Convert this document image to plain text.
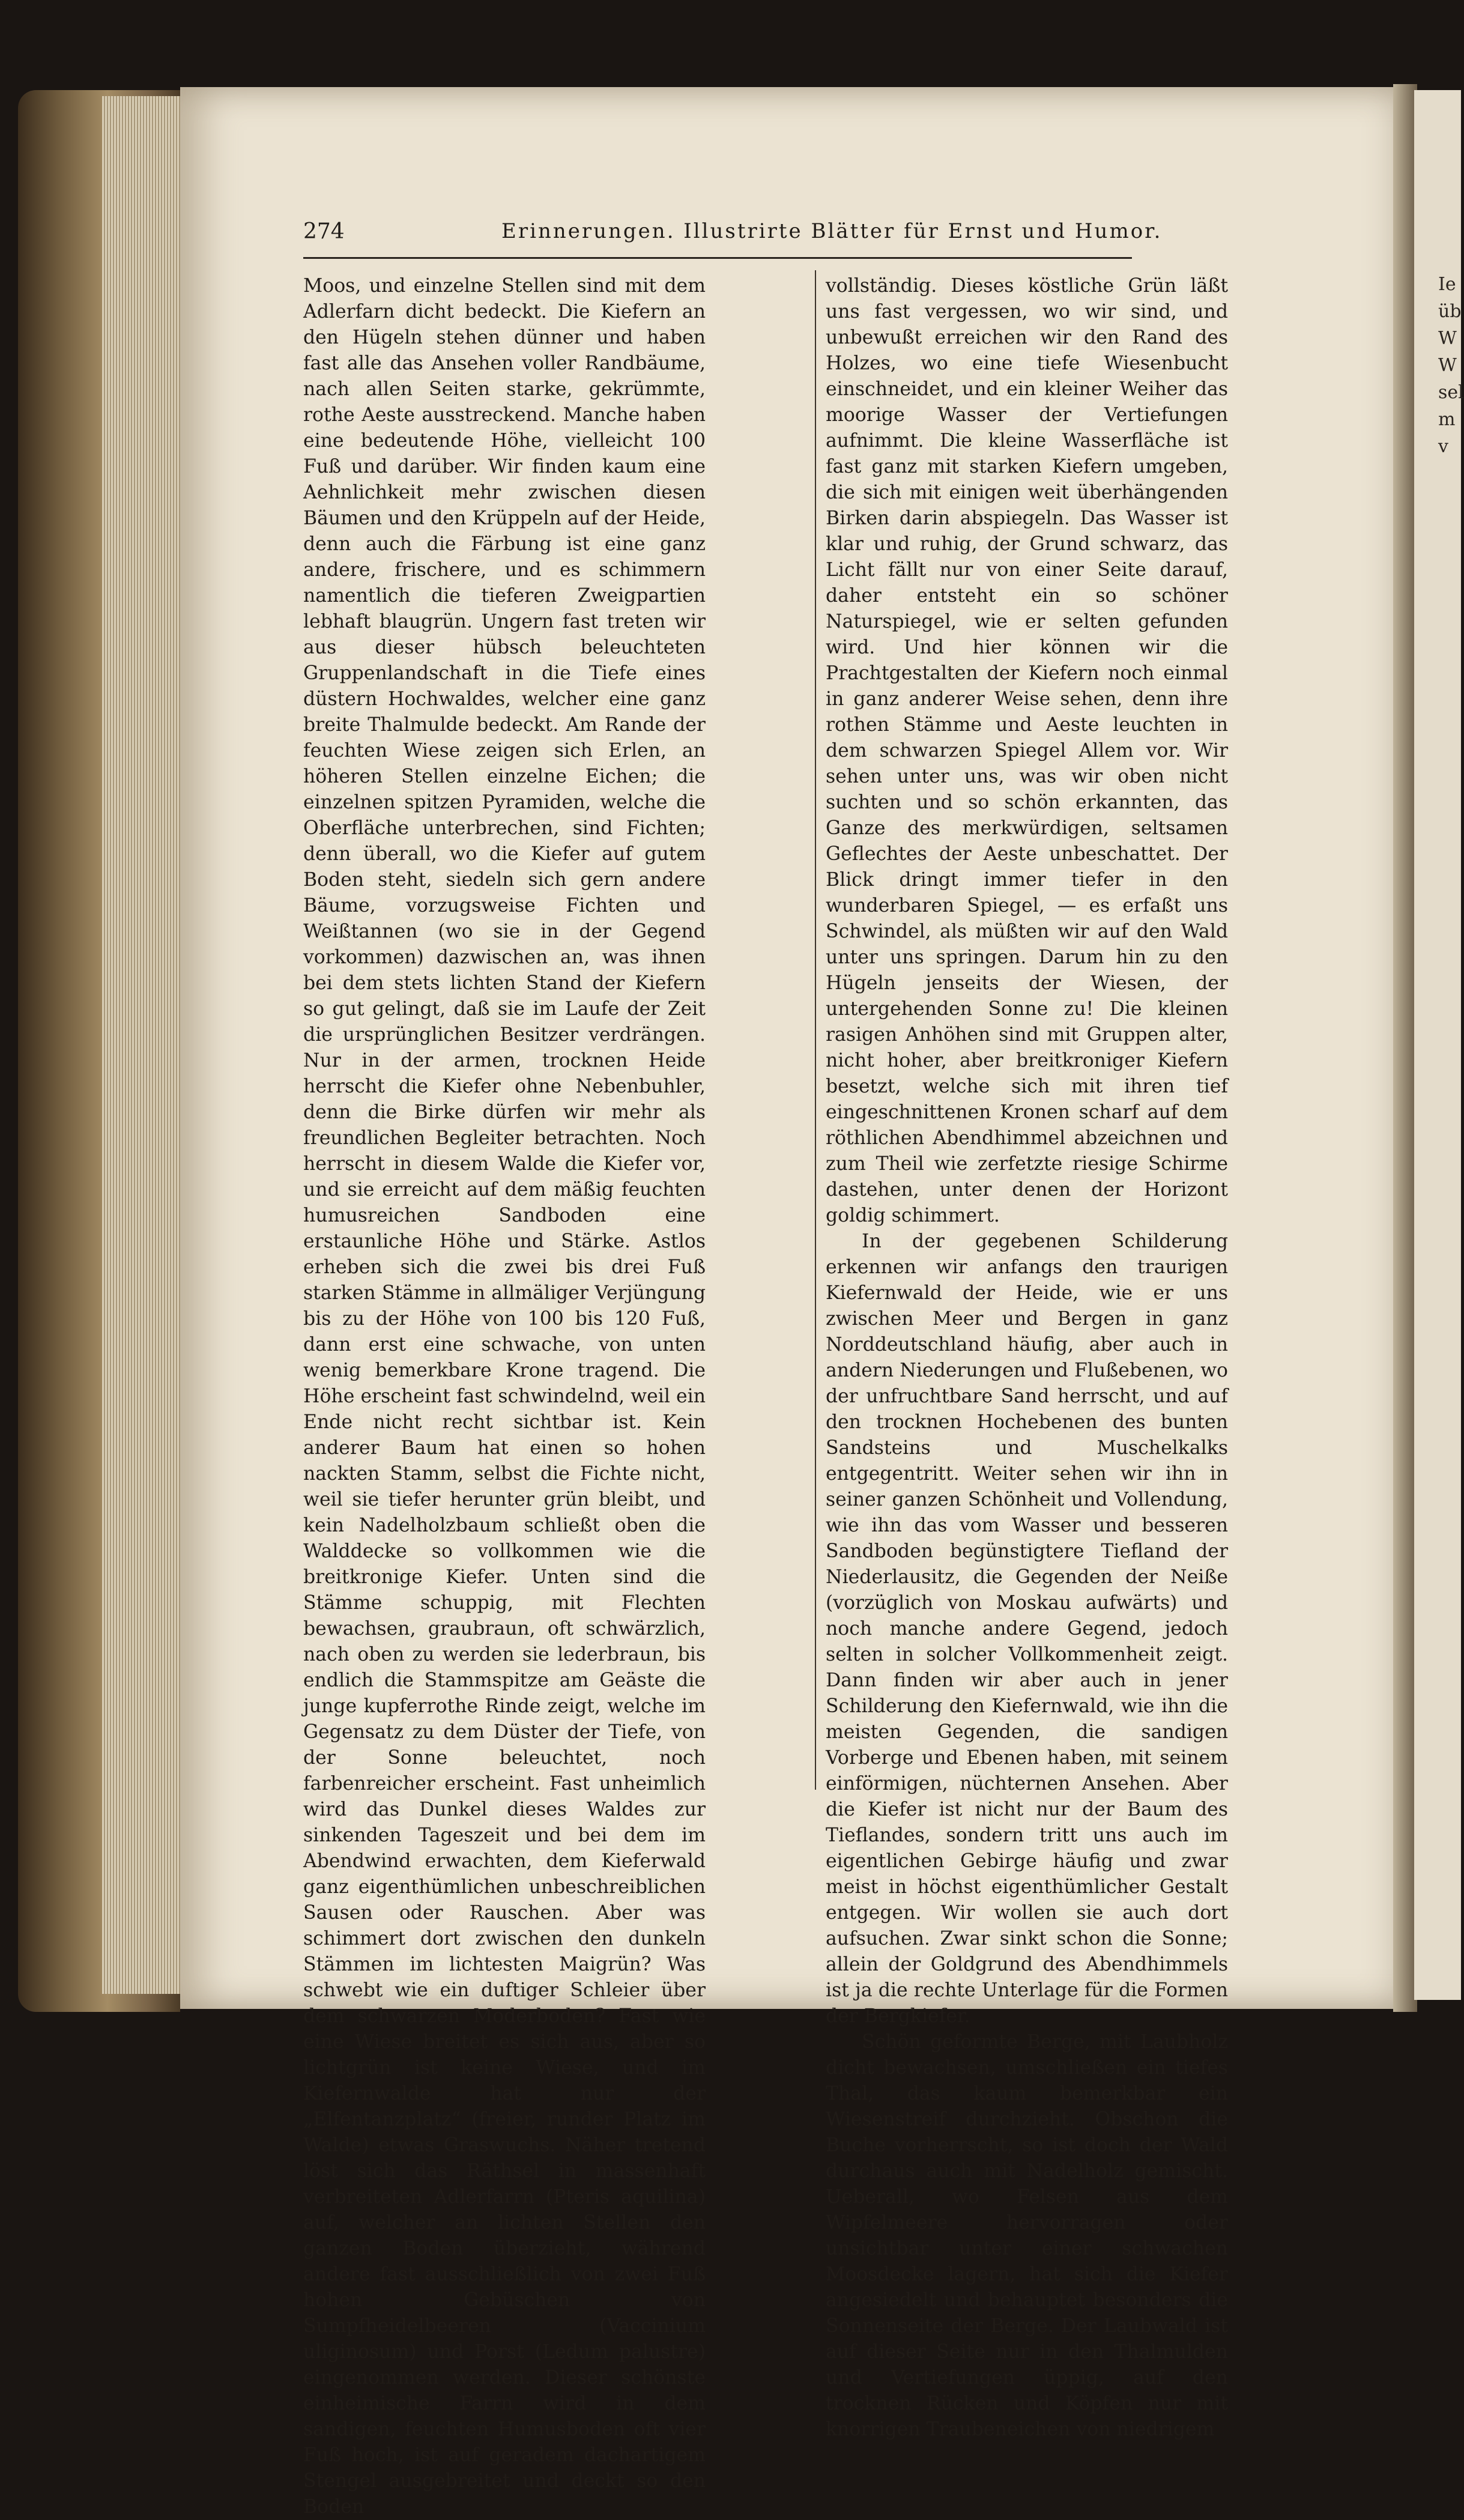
Ie
üb
W
W
sel
m
v
274	Erinnerungen. Illustrirte Blätter für Ernst und Humor.

Moos, und einzelne Stellen sind mit dem Adlerfarn dicht bedeckt. Die Kiefern an den Hügeln stehen dünner und haben fast alle das Ansehen voller Randbäume, nach allen Seiten starke, gekrümmte, rothe Aeste ausstreckend. Manche haben eine bedeutende Höhe, vielleicht 100 Fuß und darüber. Wir finden kaum eine Aehnlichkeit mehr zwischen diesen Bäumen und den Krüppeln auf der Heide, denn auch die Färbung ist eine ganz andere, frischere, und es schimmern namentlich die tieferen Zweigpartien lebhaft blaugrün. Ungern fast treten wir aus dieser hübsch beleuchteten Gruppenlandschaft in die Tiefe eines düstern Hochwaldes, welcher eine ganz breite Thalmulde bedeckt. Am Rande der feuchten Wiese zeigen sich Erlen, an höheren Stellen einzelne Eichen; die einzelnen spitzen Pyramiden, welche die Oberfläche unterbrechen, sind Fichten; denn überall, wo die Kiefer auf gutem Boden steht, siedeln sich gern andere Bäume, vorzugsweise Fichten und Weißtannen (wo sie in der Gegend vorkommen) dazwischen an, was ihnen bei dem stets lichten Stand der Kiefern so gut gelingt, daß sie im Laufe der Zeit die ursprünglichen Besitzer verdrängen. Nur in der armen, trocknen Heide herrscht die Kiefer ohne Nebenbuhler, denn die Birke dürfen wir mehr als freundlichen Begleiter betrachten. Noch herrscht in diesem Walde die Kiefer vor, und sie erreicht auf dem mäßig feuchten humusreichen Sandboden eine erstaunliche Höhe und Stärke. Astlos erheben sich die zwei bis drei Fuß starken Stämme in allmäliger Verjüngung bis zu der Höhe von 100 bis 120 Fuß, dann erst eine schwache, von unten wenig bemerkbare Krone tragend. Die Höhe erscheint fast schwindelnd, weil ein Ende nicht recht sichtbar ist. Kein anderer Baum hat einen so hohen nackten Stamm, selbst die Fichte nicht, weil sie tiefer herunter grün bleibt, und kein Nadelholzbaum schließt oben die Walddecke so vollkommen wie die breitkronige Kiefer. Unten sind die Stämme schuppig, mit Flechten bewachsen, graubraun, oft schwärzlich, nach oben zu werden sie lederbraun, bis endlich die Stammspitze am Geäste die junge kupferrothe Rinde zeigt, welche im Gegensatz zu dem Düster der Tiefe, von der Sonne beleuchtet, noch farbenreicher erscheint. Fast unheimlich wird das Dunkel dieses Waldes zur sinkenden Tageszeit und bei dem im Abendwind erwachten, dem Kieferwald ganz eigenthümlichen unbeschreiblichen Sausen oder Rauschen. Aber was schimmert dort zwischen den dunkeln Stämmen im lichtesten Maigrün? Was schwebt wie ein duftiger Schleier über dem schwarzen Moderboden? Fast wie eine Wiese breitet es sich aus, aber so lichtgrün ist keine Wiese, und im Kiefernwalde hat nur der „Elfentanzplatz“ (freier, runder Platz im Walde) etwas Graswuchs. Näher tretend löst sich das Räthsel in massenhaft verbreiteten Adlerfarrn (Pteris aquilina) auf, welcher an lichten Stellen den ganzen Boden überzieht, während andere fast ausschließlich von zwei Fuß hohen Gebüschen von Sumpfheidelbeeren (Vaccinium uliginosum) und Porst (Ledum palustre) eingenommen werden. Dieser schönste einheimische Farrn wird in dem sandigen, feuchten Humusboden oft vier Fuß hoch, ist auf geradem dachartigem Stengel ausgebreitet und deckt so den Boden

vollständig. Dieses köstliche Grün läßt uns fast vergessen, wo wir sind, und unbewußt erreichen wir den Rand des Holzes, wo eine tiefe Wiesenbucht einschneidet, und ein kleiner Weiher das moorige Wasser der Vertiefungen aufnimmt. Die kleine Wasserfläche ist fast ganz mit starken Kiefern umgeben, die sich mit einigen weit überhängenden Birken darin abspiegeln. Das Wasser ist klar und ruhig, der Grund schwarz, das Licht fällt nur von einer Seite darauf, daher entsteht ein so schöner Naturspiegel, wie er selten gefunden wird. Und hier können wir die Prachtgestalten der Kiefern noch einmal in ganz anderer Weise sehen, denn ihre rothen Stämme und Aeste leuchten in dem schwarzen Spiegel Allem vor. Wir sehen unter uns, was wir oben nicht suchten und so schön erkannten, das Ganze des merkwürdigen, seltsamen Geflechtes der Aeste unbeschattet. Der Blick dringt immer tiefer in den wunderbaren Spiegel, — es erfaßt uns Schwindel, als müßten wir auf den Wald unter uns springen. Darum hin zu den Hügeln jenseits der Wiesen, der untergehenden Sonne zu! Die kleinen rasigen Anhöhen sind mit Gruppen alter, nicht hoher, aber breitkroniger Kiefern besetzt, welche sich mit ihren tief eingeschnittenen Kronen scharf auf dem röthlichen Abendhimmel abzeichnen und zum Theil wie zerfetzte riesige Schirme dastehen, unter denen der Horizont goldig schimmert.

In der gegebenen Schilderung erkennen wir anfangs den traurigen Kiefernwald der Heide, wie er uns zwischen Meer und Bergen in ganz Norddeutschland häufig, aber auch in andern Niederungen und Flußebenen, wo der unfruchtbare Sand herrscht, und auf den trocknen Hochebenen des bunten Sandsteins und Muschelkalks entgegentritt. Weiter sehen wir ihn in seiner ganzen Schönheit und Vollendung, wie ihn das vom Wasser und besseren Sandboden begünstigtere Tiefland der Niederlausitz, die Gegenden der Neiße (vorzüglich von Moskau aufwärts) und noch manche andere Gegend, jedoch selten in solcher Vollkommenheit zeigt. Dann finden wir aber auch in jener Schilderung den Kiefernwald, wie ihn die meisten Gegenden, die sandigen Vorberge und Ebenen haben, mit seinem einförmigen, nüchternen Ansehen. Aber die Kiefer ist nicht nur der Baum des Tieflandes, sondern tritt uns auch im eigentlichen Gebirge häufig und zwar meist in höchst eigenthümlicher Gestalt entgegen. Wir wollen sie auch dort aufsuchen. Zwar sinkt schon die Sonne; allein der Goldgrund des Abendhimmels ist ja die rechte Unterlage für die Formen der Bergkiefer.

Schön geformte Berge, mit Laubholz dicht bewachsen, umschließen ein tiefes Thal, das kaum bemerkbar ein Wiesenstreif durchzieht. Obschon die Buche vorherrscht, so ist doch der Wald durchaus auch mit Nadelholz gemischt. Ueberall, wo Felsen aus dem Wipfelmeere hervorragen oder unsichtbar unter einer schwachen Moosdecke lagern, hat sich die Kiefer angesiedelt und behauptet besonders die Sonnenseite der Berge. Der Laubwald ist auf dieser Seite nur in den Thalmulden und Vertiefungen üppig, auf den trocknen Rücken und Köpfen nur mit knorrigen Traubeneichen von niedrigem
